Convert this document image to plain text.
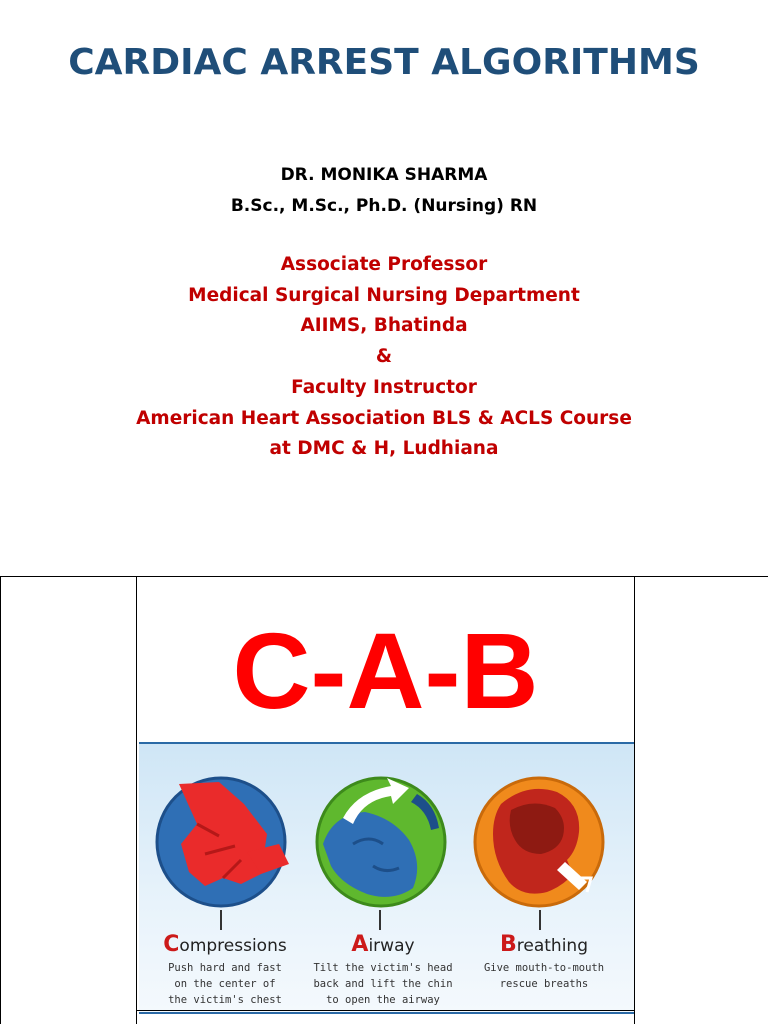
CARDIAC ARREST ALGORITHMS
DR. MONIKA SHARMA
B.Sc., M.Sc., Ph.D. (Nursing) RN
Associate Professor
Medical Surgical Nursing Department
AIIMS, Bhatinda
&
Faculty Instructor
American Heart Association BLS & ACLS Course
at DMC & H, Ludhiana
C-A-B
Compressions
Push hard and fast
on the center of
the victim's chest
Airway
Tilt the victim's head
back and lift the chin
to open the airway
Breathing
Give mouth-to-mouth
rescue breaths
